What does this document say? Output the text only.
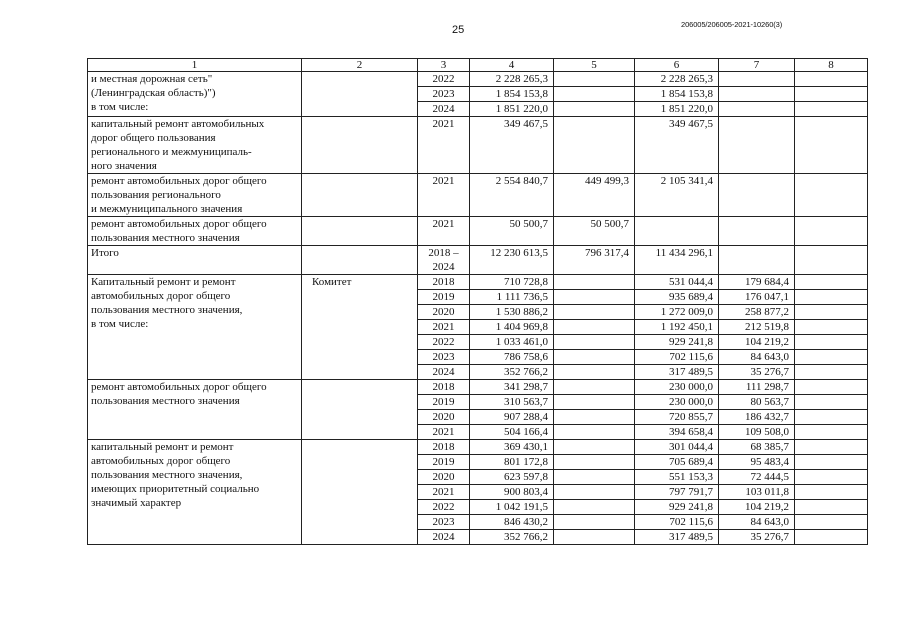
25	206005/206005-2021-10260(3)
1	2	3	4	5	6	7	8

и местная дорожная сеть"
(Ленинградская область)")
в том числе:		2022	2 228 265,3		2 228 265,3		
		2023	1 854 153,8		1 854 153,8		
		2024	1 851 220,0		1 851 220,0		

капитальный ремонт автомобильных
дорог общего пользования
регионального и межмуниципаль-
ного значения		2021	349 467,5		349 467,5		

ремонт автомобильных дорог общего
пользования регионального
и межмуниципального значения		2021	2 554 840,7	449 499,3	2 105 341,4		

ремонт автомобильных дорог общего
пользования местного значения		2021	50 500,7	50 500,7			

Итого		2018 – 2024	12 230 613,5	796 317,4	11 434 296,1		

Капитальный ремонт и ремонт
автомобильных дорог общего
пользования местного значения,
в том числе:	Комитет	2018	710 728,8		531 044,4	179 684,4	
		2019	1 111 736,5		935 689,4	176 047,1	
		2020	1 530 886,2		1 272 009,0	258 877,2	
		2021	1 404 969,8		1 192 450,1	212 519,8	
		2022	1 033 461,0		929 241,8	104 219,2	
		2023	786 758,6		702 115,6	84 643,0	
		2024	352 766,2		317 489,5	35 276,7	

ремонт автомобильных дорог общего
пользования местного значения		2018	341 298,7		230 000,0	111 298,7	
		2019	310 563,7		230 000,0	80 563,7	
		2020	907 288,4		720 855,7	186 432,7	
		2021	504 166,4		394 658,4	109 508,0	

капитальный ремонт и ремонт
автомобильных дорог общего
пользования местного значения,
имеющих приоритетный социально
значимый характер		2018	369 430,1		301 044,4	68 385,7	
		2019	801 172,8		705 689,4	95 483,4	
		2020	623 597,8		551 153,3	72 444,5	
		2021	900 803,4		797 791,7	103 011,8	
		2022	1 042 191,5		929 241,8	104 219,2	
		2023	846 430,2		702 115,6	84 643,0	
		2024	352 766,2		317 489,5	35 276,7	
